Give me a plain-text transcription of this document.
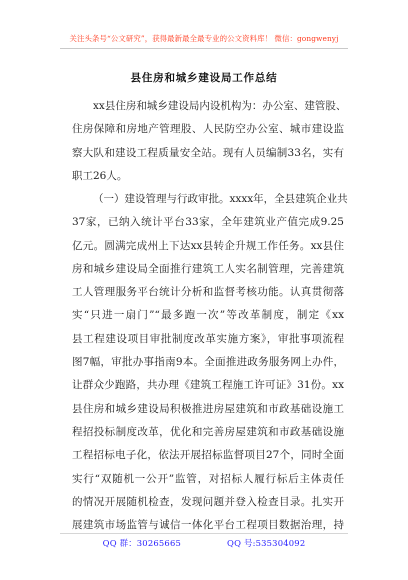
关注头条号“公文研究”，获得最新最全最专业的公文资料库！ 微信：gongwenyj
县住房和城乡建设局工作总结
xx县住房和城乡建设局内设机构为：办公室、建管股、
住房保障和房地产管理股、人民防空办公室、城市建设监
察大队和建设工程质量安全站。现有人员编制33名，实有
职工26人。
（一）建设管理与行政审批。xxxx年，全县建筑企业共
37家，已纳入统计平台33家，全年建筑业产值完成9.25
亿元。圆满完成州上下达xx县转企升规工作任务。xx县住
房和城乡建设局全面推行建筑工人实名制管理，完善建筑
工人管理服务平台统计分析和监督考核功能。认真贯彻落
实“只进一扇门”“最多跑一次”等改革制度，制定《xx
县工程建设项目审批制度改革实施方案》，审批事项流程
图7幅，审批办事指南9本。全面推进政务服务网上办件，
让群众少跑路，共办理《建筑工程施工许可证》31份。xx
县住房和城乡建设局积极推进房屋建筑和市政基础设施工
程招投标制度改革，优化和完善房屋建筑和市政基础设施
工程招标电子化，依法开展招标监督项目27个，同时全面
实行“双随机一公开”监管，对招标人履行标后主体责任
的情况开展随机检查，发现问题并登入检查目录。扎实开
展建筑市场监管与诚信一体化平台工程项目数据治理，持
QQ 群：30265665	QQ 号:535304092
